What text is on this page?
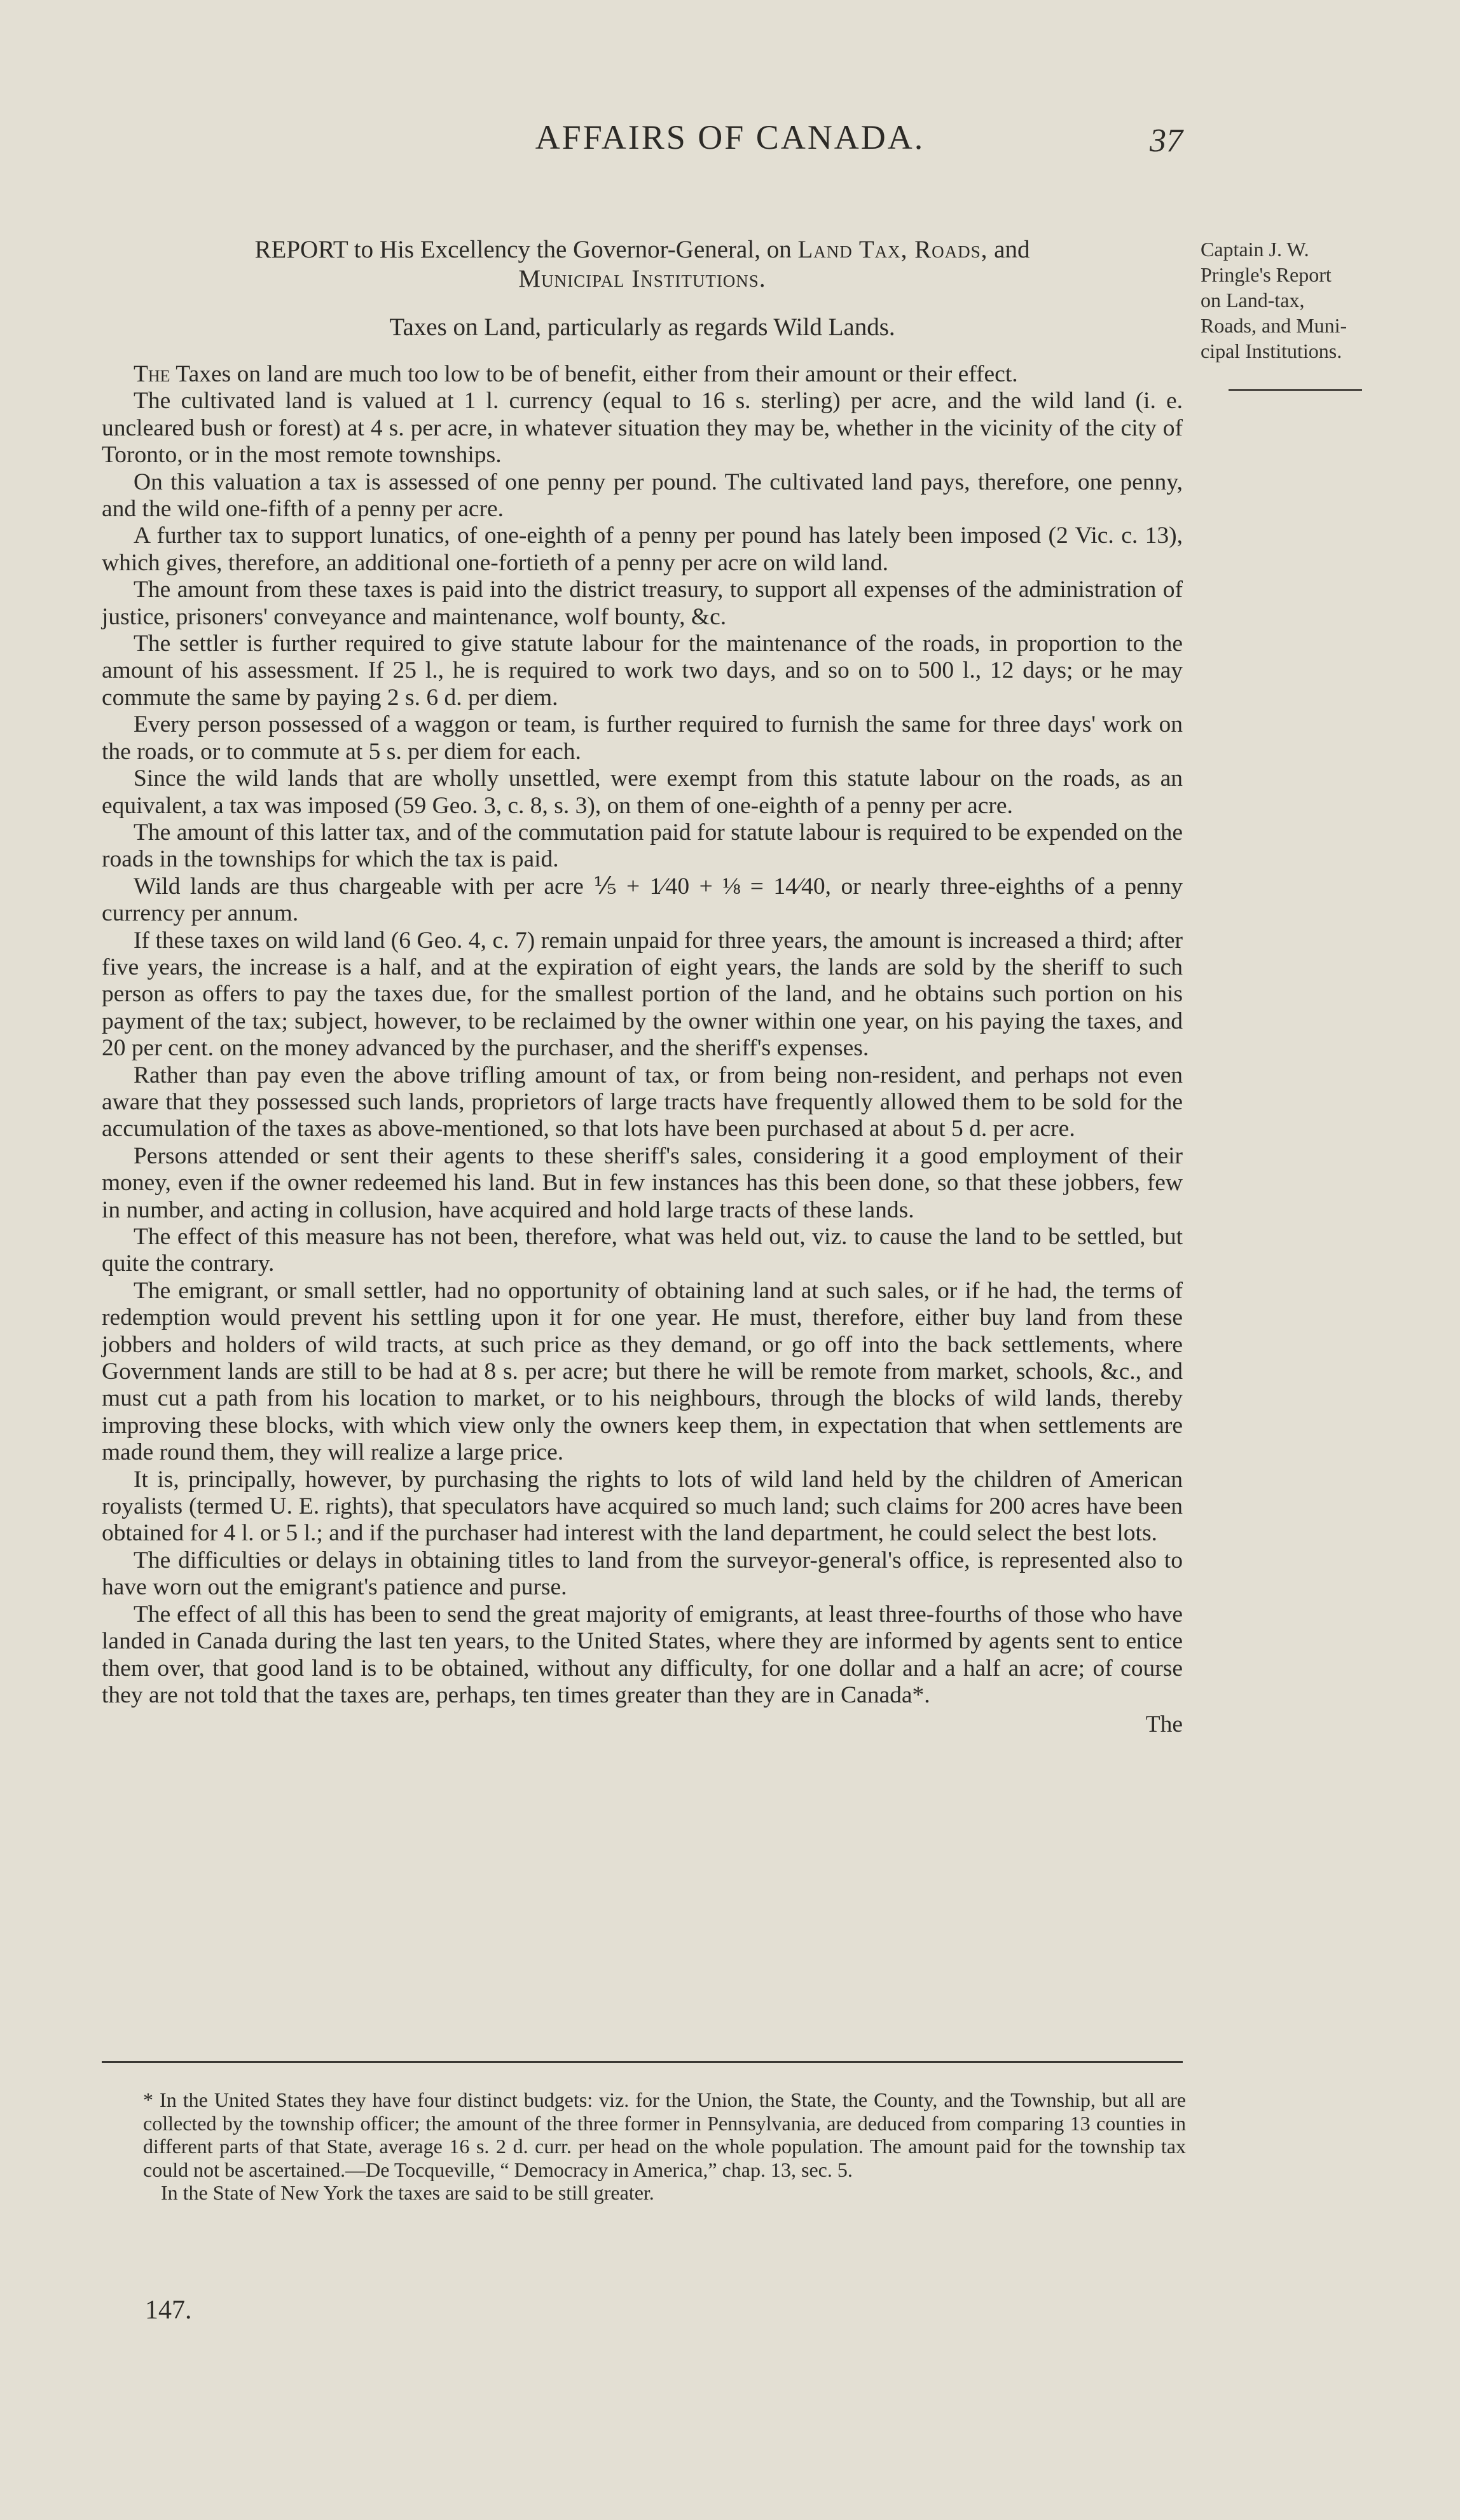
AFFAIRS OF CANADA.	37
REPORT to His Excellency the Governor-General, on Land Tax, Roads, and
Municipal Institutions.
Taxes on Land, particularly as regards Wild Lands.
Captain J. W.
Pringle's Report
on Land-tax,
Roads, and Muni-
cipal Institutions.

The Taxes on land are much too low to be of benefit, either from their amount or their effect.

The cultivated land is valued at 1 l. currency (equal to 16 s. sterling) per acre, and the wild land (i. e. uncleared bush or forest) at 4 s. per acre, in whatever situation they may be, whether in the vicinity of the city of Toronto, or in the most remote townships.

On this valuation a tax is assessed of one penny per pound. The cultivated land pays, therefore, one penny, and the wild one-fifth of a penny per acre.

A further tax to support lunatics, of one-eighth of a penny per pound has lately been imposed (2 Vic. c. 13), which gives, therefore, an additional one-fortieth of a penny per acre on wild land.

The amount from these taxes is paid into the district treasury, to support all expenses of the administration of justice, prisoners' conveyance and maintenance, wolf bounty, &c.

The settler is further required to give statute labour for the maintenance of the roads, in proportion to the amount of his assessment. If 25 l., he is required to work two days, and so on to 500 l., 12 days; or he may commute the same by paying 2 s. 6 d. per diem.

Every person possessed of a waggon or team, is further required to furnish the same for three days' work on the roads, or to commute at 5 s. per diem for each.

Since the wild lands that are wholly unsettled, were exempt from this statute labour on the roads, as an equivalent, a tax was imposed (59 Geo. 3, c. 8, s. 3), on them of one-eighth of a penny per acre.

The amount of this latter tax, and of the commutation paid for statute labour is required to be expended on the roads in the townships for which the tax is paid.

Wild lands are thus chargeable with per acre ⅕ + 1⁄40 + ⅛ = 14⁄40, or nearly three-eighths of a penny currency per annum.

If these taxes on wild land (6 Geo. 4, c. 7) remain unpaid for three years, the amount is increased a third; after five years, the increase is a half, and at the expiration of eight years, the lands are sold by the sheriff to such person as offers to pay the taxes due, for the smallest portion of the land, and he obtains such portion on his payment of the tax; subject, however, to be reclaimed by the owner within one year, on his paying the taxes, and 20 per cent. on the money advanced by the purchaser, and the sheriff's expenses.

Rather than pay even the above trifling amount of tax, or from being non-resident, and perhaps not even aware that they possessed such lands, proprietors of large tracts have frequently allowed them to be sold for the accumulation of the taxes as above-mentioned, so that lots have been purchased at about 5 d. per acre.

Persons attended or sent their agents to these sheriff's sales, considering it a good employment of their money, even if the owner redeemed his land. But in few instances has this been done, so that these jobbers, few in number, and acting in collusion, have acquired and hold large tracts of these lands.

The effect of this measure has not been, therefore, what was held out, viz. to cause the land to be settled, but quite the contrary.

The emigrant, or small settler, had no opportunity of obtaining land at such sales, or if he had, the terms of redemption would prevent his settling upon it for one year. He must, therefore, either buy land from these jobbers and holders of wild tracts, at such price as they demand, or go off into the back settlements, where Government lands are still to be had at 8 s. per acre; but there he will be remote from market, schools, &c., and must cut a path from his location to market, or to his neighbours, through the blocks of wild lands, thereby improving these blocks, with which view only the owners keep them, in expectation that when settlements are made round them, they will realize a large price.

It is, principally, however, by purchasing the rights to lots of wild land held by the children of American royalists (termed U. E. rights), that speculators have acquired so much land; such claims for 200 acres have been obtained for 4 l. or 5 l.; and if the purchaser had interest with the land department, he could select the best lots.

The difficulties or delays in obtaining titles to land from the surveyor-general's office, is represented also to have worn out the emigrant's patience and purse.

The effect of all this has been to send the great majority of emigrants, at least three-fourths of those who have landed in Canada during the last ten years, to the United States, where they are informed by agents sent to entice them over, that good land is to be obtained, without any difficulty, for one dollar and a half an acre; of course they are not told that the taxes are, perhaps, ten times greater than they are in Canada*.

The

* In the United States they have four distinct budgets: viz. for the Union, the State, the County, and the Township, but all are collected by the township officer; the amount of the three former in Pennsylvania, are deduced from comparing 13 counties in different parts of that State, average 16 s. 2 d. curr. per head on the whole population. The amount paid for the township tax could not be ascertained.—De Tocqueville, “ Democracy in America,” chap. 13, sec. 5.

In the State of New York the taxes are said to be still greater.

147.
